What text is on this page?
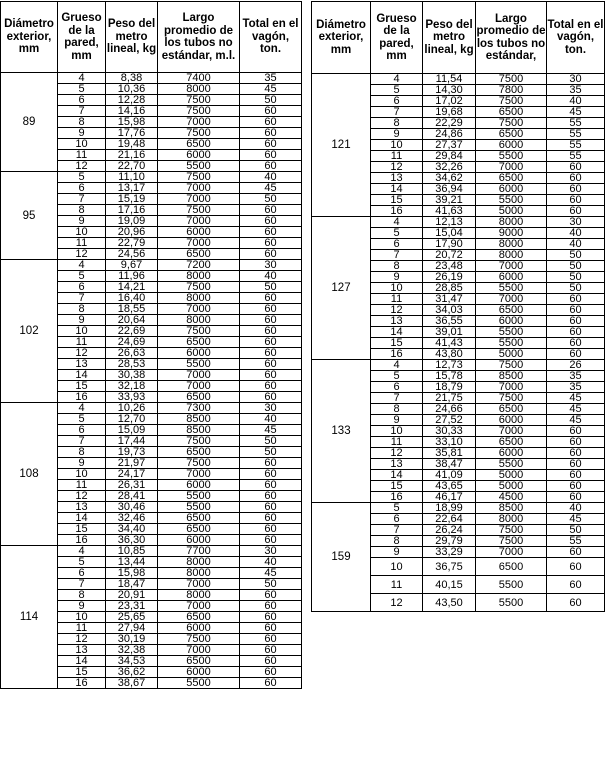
Diámetro exterior, mm	Grueso de la pared, mm	Peso del metro lineal, kg	Largo promedio de los tubos no estándar, m.l.	Total en el vagón, ton.
89	4	8,38	7400	35
	5	10,36	8000	45
	6	12,28	7500	50
	7	14,16	7500	60
	8	15,98	7000	60
	9	17,76	7500	60
	10	19,48	6500	60
	11	21,16	6000	60
	12	22,70	5500	60
95	5	11,10	7500	40
	6	13,17	7000	45
	7	15,19	7000	50
	8	17,16	7500	60
	9	19,09	7000	60
	10	20,96	6000	60
	11	22,79	7000	60
	12	24,56	6500	60
102	4	9,67	7200	30
	5	11,96	8000	40
	6	14,21	7500	50
	7	16,40	8000	60
	8	18,55	7000	60
	9	20,64	8000	60
	10	22,69	7500	60
	11	24,69	6500	60
	12	26,63	6000	60
	13	28,53	5500	60
	14	30,38	7000	60
	15	32,18	7000	60
	16	33,93	6500	60
108	4	10,26	7300	30
	5	12,70	8500	40
	6	15,09	8500	45
	7	17,44	7500	50
	8	19,73	6500	50
	9	21,97	7500	60
	10	24,17	7000	60
	11	26,31	6000	60
	12	28,41	5500	60
	13	30,46	5500	60
	14	32,46	6500	60
	15	34,40	6500	60
	16	36,30	6000	60
114	4	10,85	7700	30
	5	13,44	8000	40
	6	15,98	8000	45
	7	18,47	7000	50
	8	20,91	8000	60
	9	23,31	7000	60
	10	25,65	6500	60
	11	27,94	6000	60
	12	30,19	7500	60
	13	32,38	7000	60
	14	34,53	6500	60
	15	36,62	6000	60
	16	38,67	5500	60
Diámetro exterior, mm	Grueso de la pared, mm	Peso del metro lineal, kg	Largo promedio de los tubos no estándar,	Total en el vagón, ton.
121	4	11,54	7500	30
	5	14,30	7800	35
	6	17,02	7500	40
	7	19,68	6500	45
	8	22,29	7500	55
	9	24,86	6500	55
	10	27,37	6000	55
	11	29,84	5500	55
	12	32,26	7000	60
	13	34,62	6500	60
	14	36,94	6000	60
	15	39,21	5500	60
	16	41,63	5000	60
127	4	12,13	8000	30
	5	15,04	9000	40
	6	17,90	8000	40
	7	20,72	8000	50
	8	23,48	7000	50
	9	26,19	6000	50
	10	28,85	5500	50
	11	31,47	7000	60
	12	34,03	6500	60
	13	36,55	6000	60
	14	39,01	5500	60
	15	41,43	5500	60
	16	43,80	5000	60
133	4	12,73	7500	26
	5	15,78	8500	35
	6	18,79	7000	35
	7	21,75	7500	45
	8	24,66	6500	45
	9	27,52	6000	45
	10	30,33	7000	60
	11	33,10	6500	60
	12	35,81	6000	60
	13	38,47	5500	60
	14	41,09	5000	60
	15	43,65	5000	60
	16	46,17	4500	60
159	5	18,99	8500	40
	6	22,64	8000	45
	7	26,24	7500	50
	8	29,79	7500	55
	9	33,29	7000	60
	10	36,75	6500	60
	11	40,15	5500	60
	12	43,50	5500	60
